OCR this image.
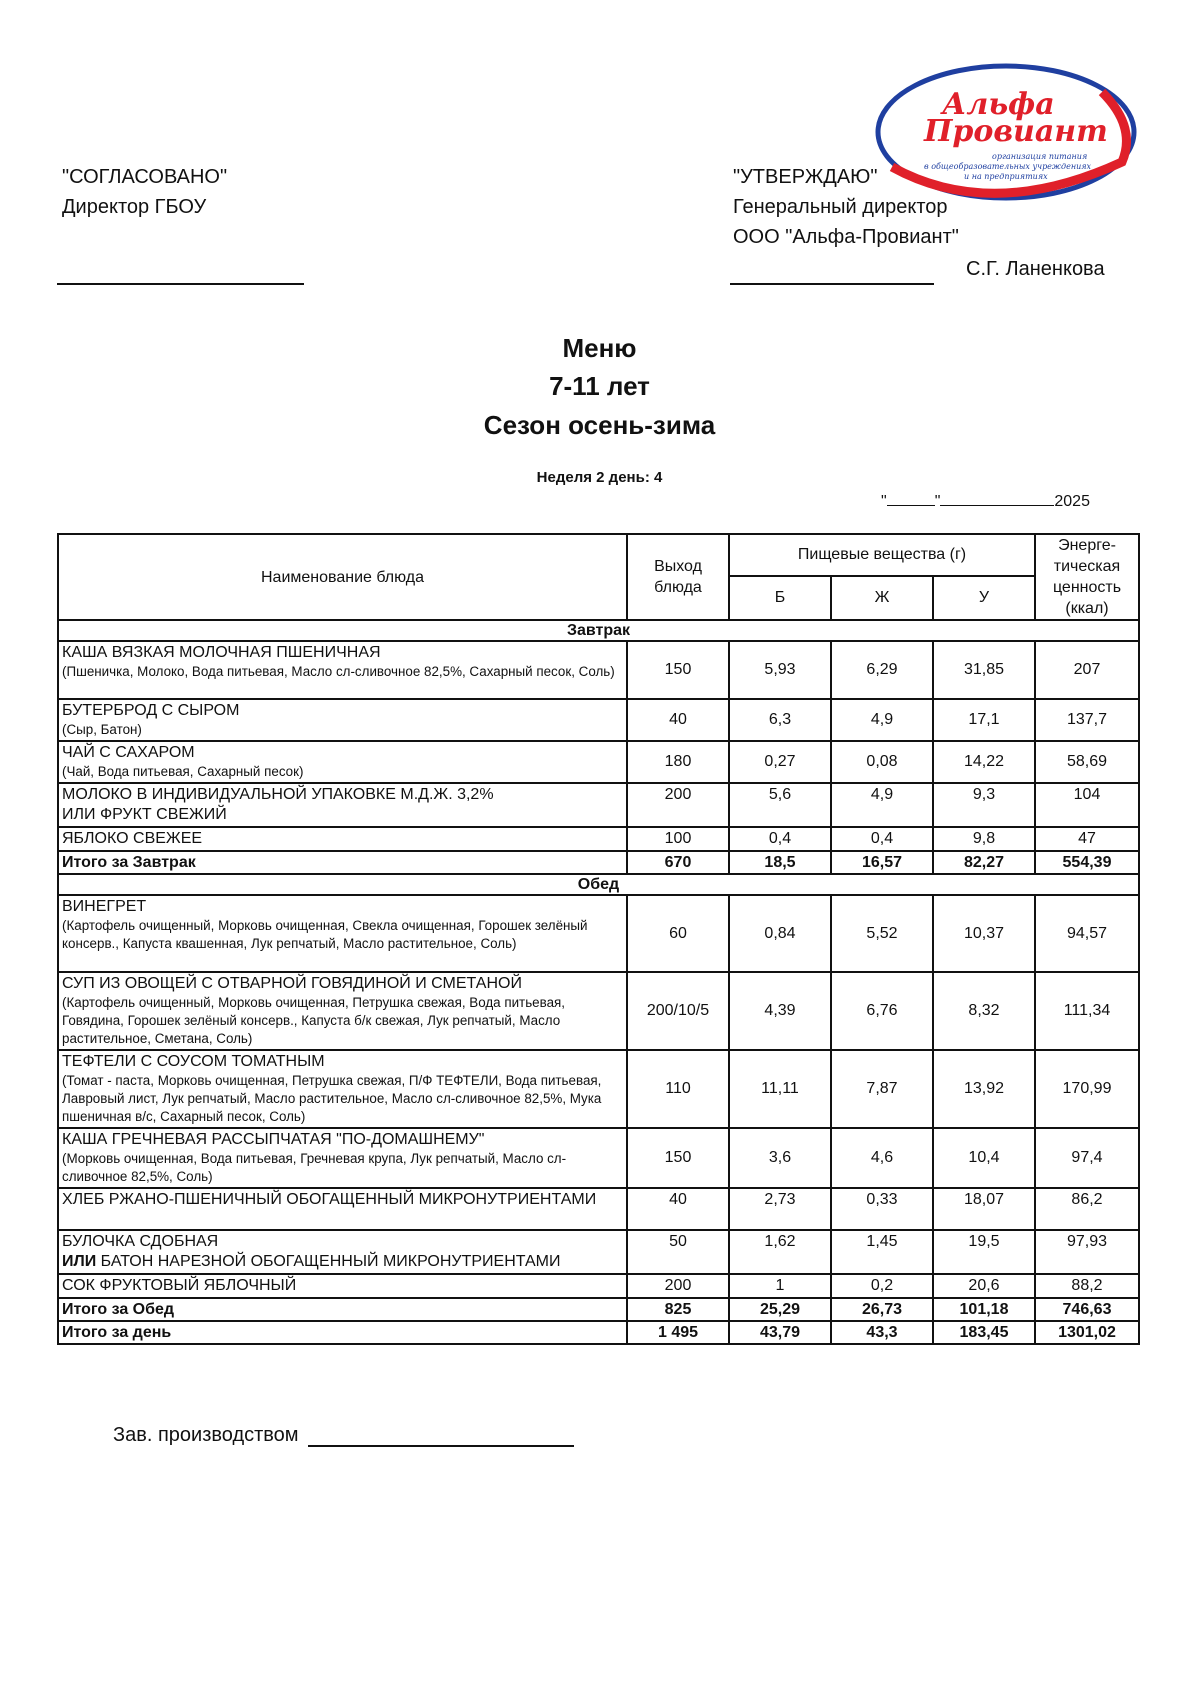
Альфа
Провиант
организация питания
в общеобразовательных учреждениях
и на предприятиях
"СОГЛАСОВАНО"
Директор ГБОУ
"УТВЕРЖДАЮ"
Генеральный директор
ООО "Альфа-Провиант"
С.Г. Ланенкова
Меню
7-11 лет
Сезон осень-зима
Неделя 2 день: 4
"	"	2025
Наименование блюда	Выход блюда	Пищевые вещества (г)			Энерге-тическая ценность (ккал)
		Б	Ж	У	
Завтрак					

КАША ВЯЗКАЯ МОЛОЧНАЯ ПШЕНИЧНАЯ
(Пшеничка, Молоко, Вода питьевая, Масло сл-сливочное 82,5%, Сахарный песок, Соль)	150	5,93	6,29	31,85	207

БУТЕРБРОД С СЫРОМ
(Сыр, Батон)	40	6,3	4,9	17,1	137,7

ЧАЙ С САХАРОМ
(Чай, Вода питьевая, Сахарный песок)	180	0,27	0,08	14,22	58,69

МОЛОКО В ИНДИВИДУАЛЬНОЙ УПАКОВКЕ М.Д.Ж. 3,2%
ИЛИ ФРУКТ СВЕЖИЙ	200	5,6	4,9	9,3	104

ЯБЛОКО СВЕЖЕЕ	100	0,4	0,4	9,8	47
Итого за Завтрак	670	18,5	16,57	82,27	554,39
Обед					

ВИНЕГРЕТ
(Картофель очищенный, Морковь очищенная, Свекла очищенная, Горошек зелёный консерв., Капуста квашенная, Лук репчатый, Масло растительное, Соль)	60	0,84	5,52	10,37	94,57

СУП ИЗ ОВОЩЕЙ С ОТВАРНОЙ ГОВЯДИНОЙ И СМЕТАНОЙ
(Картофель очищенный, Морковь очищенная, Петрушка свежая, Вода питьевая, Говядина, Горошек зелёный консерв., Капуста б/к свежая, Лук репчатый, Масло растительное, Сметана, Соль)	200/10/5	4,39	6,76	8,32	111,34

ТЕФТЕЛИ С СОУСОМ ТОМАТНЫМ
(Томат - паста, Морковь очищенная, Петрушка свежая, П/Ф ТЕФТЕЛИ, Вода питьевая, Лавровый лист, Лук репчатый, Масло растительное, Масло сл-сливочное 82,5%, Мука пшеничная в/с, Сахарный песок, Соль)	110	11,11	7,87	13,92	170,99

КАША ГРЕЧНЕВАЯ РАССЫПЧАТАЯ "ПО-ДОМАШНЕМУ"
(Морковь очищенная, Вода питьевая, Гречневая крупа, Лук репчатый, Масло сл-сливочное 82,5%, Соль)	150	3,6	4,6	10,4	97,4

ХЛЕБ РЖАНО-ПШЕНИЧНЫЙ ОБОГАЩЕННЫЙ МИКРОНУТРИЕНТАМИ	40	2,73	0,33	18,07	86,2

БУЛОЧКА СДОБНАЯ
ИЛИ БАТОН НАРЕЗНОЙ ОБОГАЩЕННЫЙ МИКРОНУТРИЕНТАМИ	50	1,62	1,45	19,5	97,93

СОК ФРУКТОВЫЙ ЯБЛОЧНЫЙ	200	1	0,2	20,6	88,2
Итого за Обед	825	25,29	26,73	101,18	746,63
Итого за день	1 495	43,79	43,3	183,45	1301,02
Зав. производством
